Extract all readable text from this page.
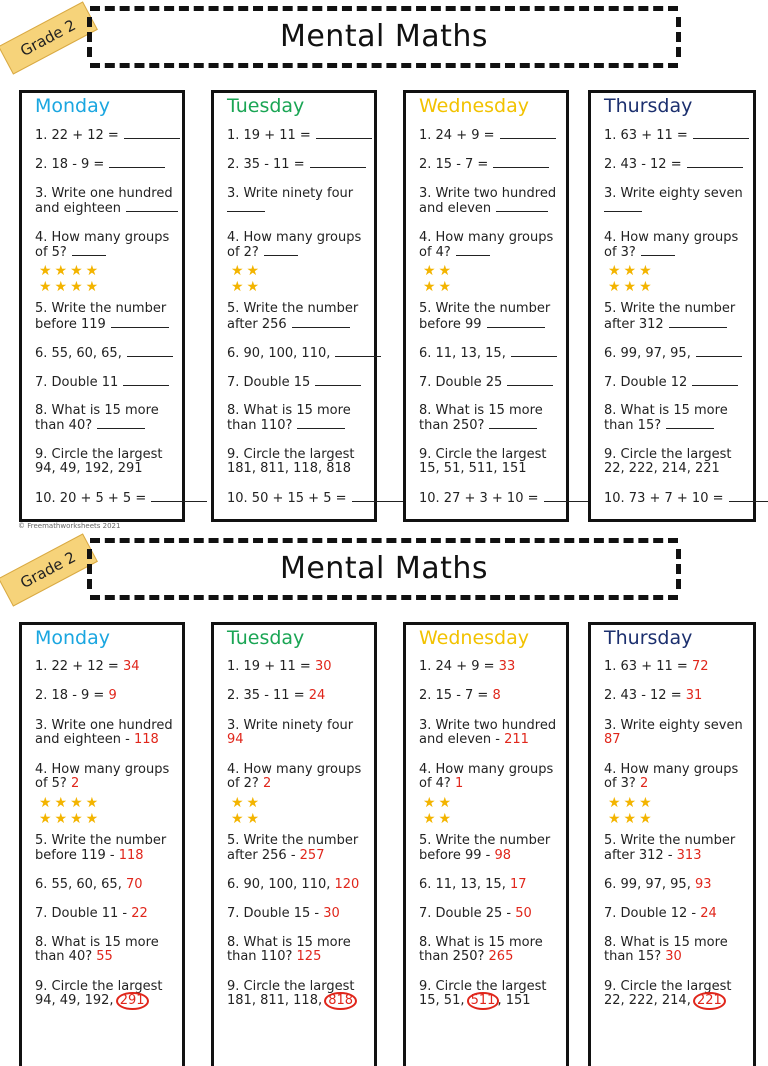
Grade 2	Mental Maths
Monday
1. 22 + 12 =
2. 18 - 9 =
3. Write one hundred
and eighteen
4. How many groups
of 5?
5. Write the number
before 119
6. 55, 60, 65,
7. Double 11
8. What is 15 more
than 40?
9. Circle the largest
94, 49, 192, 291
10. 20 + 5 + 5 =
★★★★
★★★★
Tuesday
1. 19 + 11 =
2. 35 - 11 =
3. Write ninety four
4. How many groups
of 2?
5. Write the number
after 256
6. 90, 100, 110,
7. Double 15
8. What is 15 more
than 110?
9. Circle the largest
181, 811, 118, 818
10. 50 + 15 + 5 =
★★
★★
Wednesday
1. 24 + 9 =
2. 15 - 7 =
3. Write two hundred
and eleven
4. How many groups
of 4?
5. Write the number
before 99
6. 11, 13, 15,
7. Double 25
8. What is 15 more
than 250?
9. Circle the largest
15, 51, 511, 151
10. 27 + 3 + 10 =
★★
★★
Thursday
1. 63 + 11 =
2. 43 - 12 =
3. Write eighty seven
4. How many groups
of 3?
5. Write the number
after 312
6. 99, 97, 95,
7. Double 12
8. What is 15 more
than 15?
9. Circle the largest
22, 222, 214, 221
10. 73 + 7 + 10 =
★★★
★★★
© Freemathworksheets 2021
Grade 2	Mental Maths
Monday
1. 22 + 12 = 34
2. 18 - 9 = 9
3. Write one hundred
and eighteen - 118
4. How many groups
of 5? 2
5. Write the number
before 119 - 118
6. 55, 60, 65, 70
7. Double 11 - 22
8. What is 15 more
than 40? 55
9. Circle the largest
94, 49, 192, 291
★★★★
★★★★
Tuesday
1. 19 + 11 = 30
2. 35 - 11 = 24
3. Write ninety four
94
4. How many groups
of 2? 2
5. Write the number
after 256 - 257
6. 90, 100, 110, 120
7. Double 15 - 30
8. What is 15 more
than 110? 125
9. Circle the largest
181, 811, 118, 818
★★
★★
Wednesday
1. 24 + 9 = 33
2. 15 - 7 = 8
3. Write two hundred
and eleven - 211
4. How many groups
of 4? 1
5. Write the number
before 99 - 98
6. 11, 13, 15, 17
7. Double 25 - 50
8. What is 15 more
than 250? 265
9. Circle the largest
15, 51, 511 , 151
★★
★★
Thursday
1. 63 + 11 = 72
2. 43 - 12 = 31
3. Write eighty seven
87
4. How many groups
of 3? 2
5. Write the number
after 312 - 313
6. 99, 97, 95, 93
7. Double 12 - 24
8. What is 15 more
than 15? 30
9. Circle the largest
22, 222, 214, 221
★★★
★★★
